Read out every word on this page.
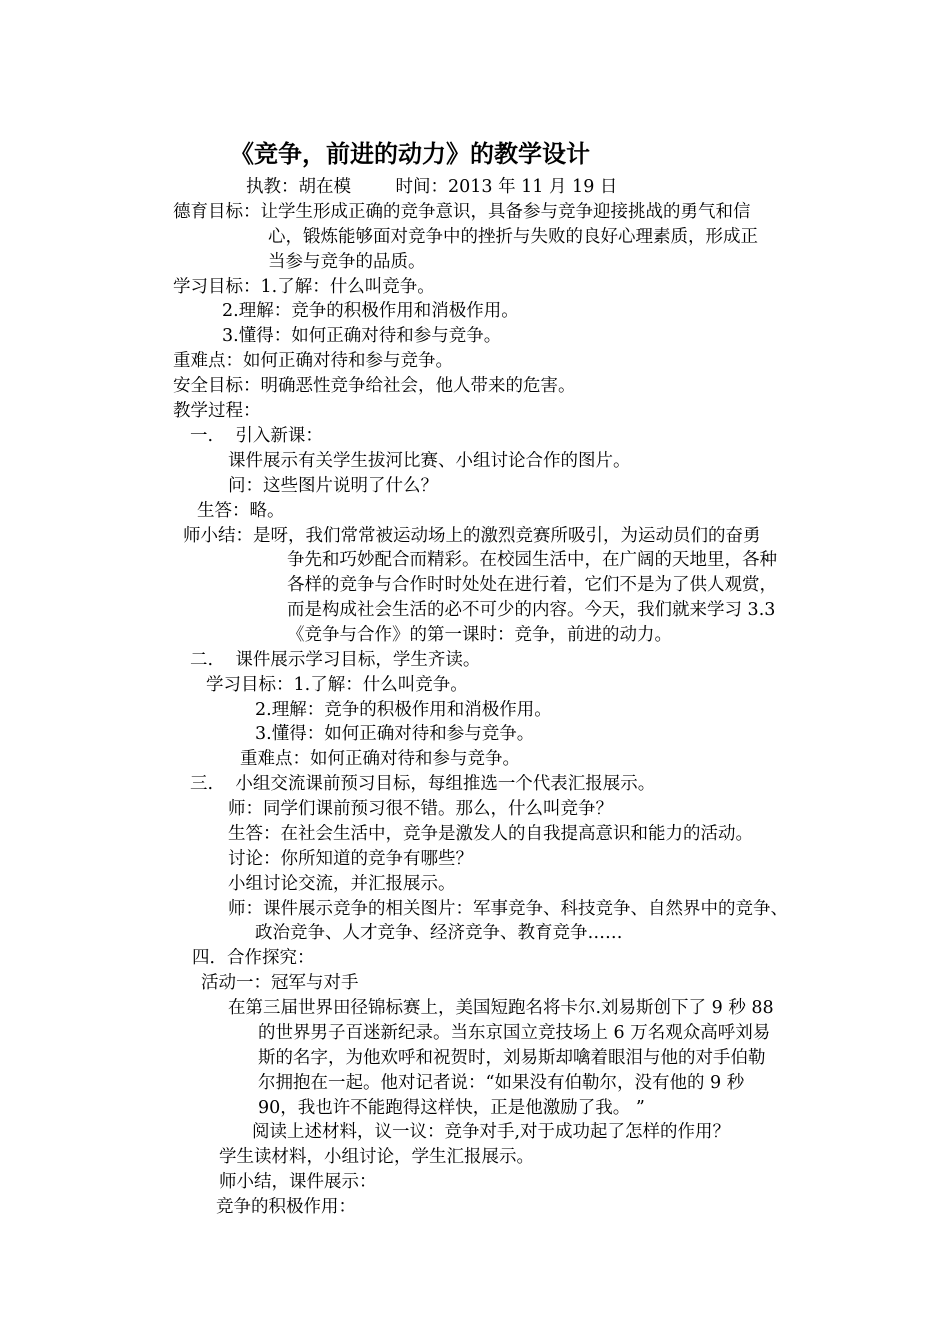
《竞争，前进的动力》的教学设计
执教：胡在模        时间：2013 年 11 月 19 日
德育目标：让学生形成正确的竞争意识，具备参与竞争迎接挑战的勇气和信
心，锻炼能够面对竞争中的挫折与失败的良好心理素质，形成正
当参与竞争的品质。
学习目标：1.了解：什么叫竞争。
2.理解：竞争的积极作用和消极作用。
3.懂得：如何正确对待和参与竞争。
重难点：如何正确对待和参与竞争。
安全目标：明确恶性竞争给社会，他人带来的危害。
教学过程：
一.    引入新课：
课件展示有关学生拔河比赛、小组讨论合作的图片。
问：这些图片说明了什么？
生答：略。
师小结：是呀，我们常常被运动场上的激烈竞赛所吸引，为运动员们的奋勇
争先和巧妙配合而精彩。在校园生活中，在广阔的天地里，各种
各样的竞争与合作时时处处在进行着，它们不是为了供人观赏，
而是构成社会生活的必不可少的内容。今天，我们就来学习 3.3
《竞争与合作》的第一课时：竞争，前进的动力。
二.    课件展示学习目标，学生齐读。
学习目标：1.了解：什么叫竞争。
2.理解：竞争的积极作用和消极作用。
3.懂得：如何正确对待和参与竞争。
重难点：如何正确对待和参与竞争。
三.    小组交流课前预习目标，每组推选一个代表汇报展示。
师：同学们课前预习很不错。那么，什么叫竞争？
生答：在社会生活中，竞争是激发人的自我提高意识和能力的活动。
讨论：你所知道的竞争有哪些？
小组讨论交流，并汇报展示。
师：课件展示竞争的相关图片：军事竞争、科技竞争、自然界中的竞争、
政治竞争、人才竞争、经济竞争、教育竞争……
四．合作探究：
活动一：冠军与对手
在第三届世界田径锦标赛上，美国短跑名将卡尔.刘易斯创下了 9 秒 88
的世界男子百迷新纪录。当东京国立竞技场上 6 万名观众高呼刘易
斯的名字，为他欢呼和祝贺时，刘易斯却噙着眼泪与他的对手伯勒
尔拥抱在一起。他对记者说：“如果没有伯勒尔，没有他的 9 秒
90，我也许不能跑得这样快，正是他激励了我。 ”
阅读上述材料，议一议：竞争对手,对于成功起了怎样的作用？
学生读材料，小组讨论，学生汇报展示。
师小结，课件展示：
竞争的积极作用：
